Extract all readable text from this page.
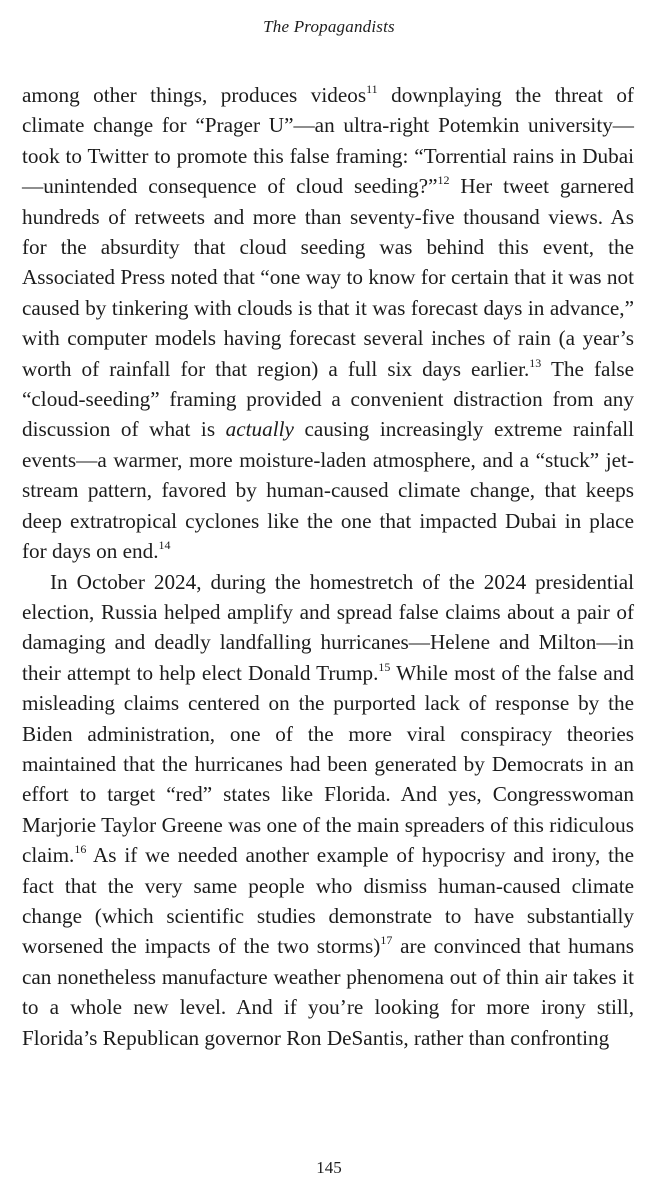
The Propagandists

among other things, produces videos$^{11}$ downplaying the threat of climate change for “Prager U”—an ultra-right Potemkin university—took to Twitter to promote this false framing: “Torrential rains in Dubai—unintended consequence of cloud seeding?”$^{12}$ Her tweet garnered hundreds of retweets and more than seventy-five thousand views. As for the absurdity that cloud seeding was behind this event, the Associated Press noted that “one way to know for certain that it was not caused by tinkering with clouds is that it was forecast days in advance,” with computer models having forecast several inches of rain (a year’s worth of rainfall for that region) a full six days earlier.$^{13}$ The false “cloud-seeding” framing provided a convenient distraction from any discussion of what is actually causing increasingly extreme rainfall events—a warmer, more moisture-laden atmosphere, and a “stuck” jet-stream pattern, favored by human-caused climate change, that keeps deep extratropical cyclones like the one that impacted Dubai in place for days on end.$^{14}$

In October 2024, during the homestretch of the 2024 presidential election, Russia helped amplify and spread false claims about a pair of damaging and deadly landfalling hurricanes—Helene and Milton—in their attempt to help elect Donald Trump.$^{15}$ While most of the false and misleading claims centered on the purported lack of response by the Biden administration, one of the more viral conspiracy theories maintained that the hurricanes had been generated by Democrats in an effort to target “red” states like Florida. And yes, Congresswoman Marjorie Taylor Greene was one of the main spreaders of this ridiculous claim.$^{16}$ As if we needed another example of hypocrisy and irony, the fact that the very same people who dismiss human-caused climate change (which scientific studies demonstrate to have substantially worsened the impacts of the two storms)$^{17}$ are convinced that humans can nonetheless manufacture weather phenomena out of thin air takes it to a whole new level. And if you’re looking for more irony still, Florida’s Republican governor Ron DeSantis, rather than confronting

145
